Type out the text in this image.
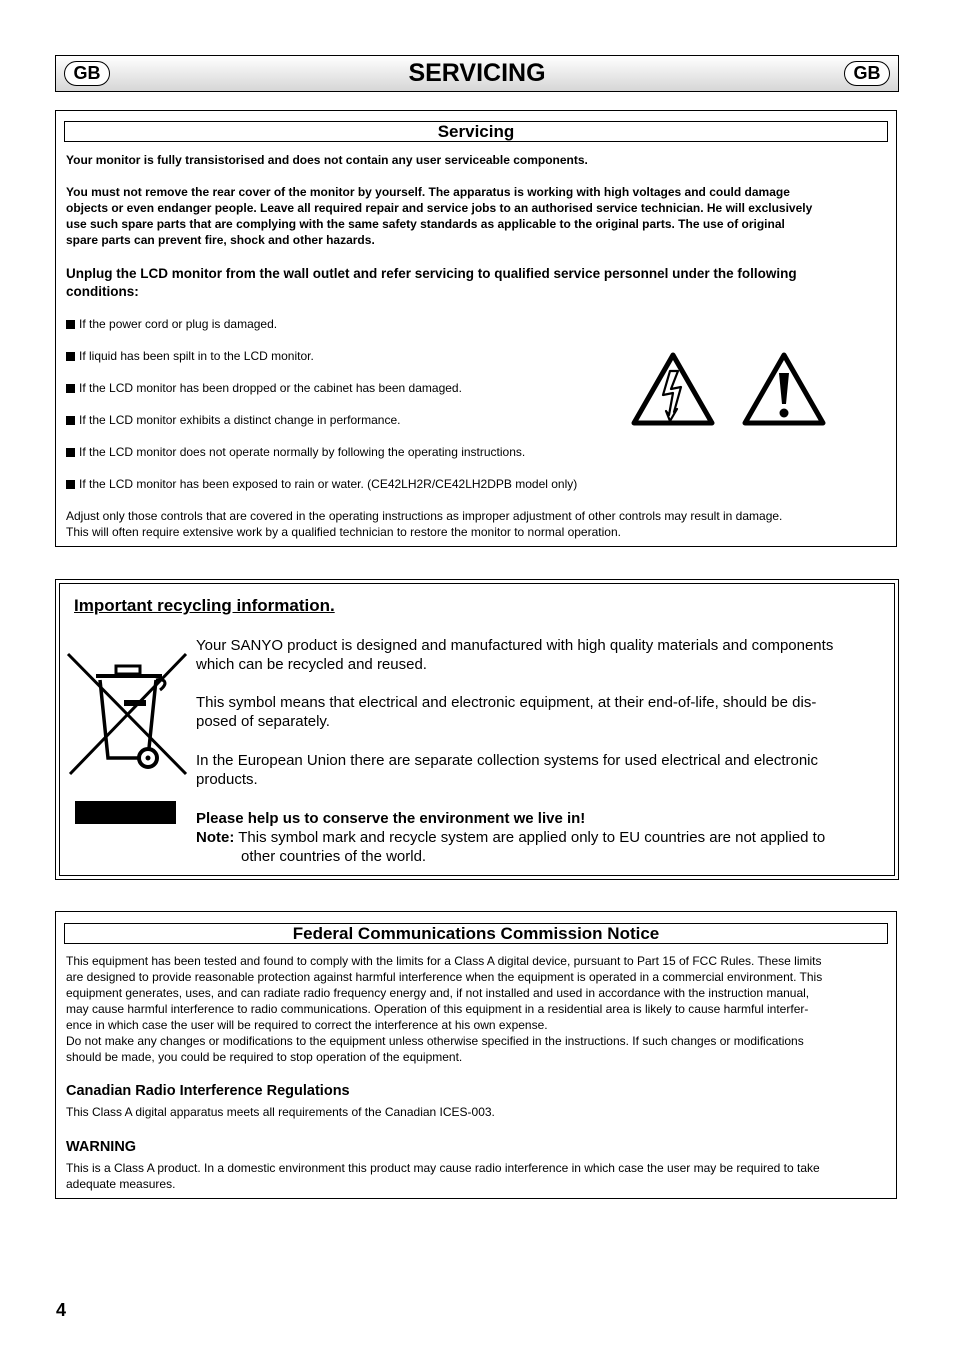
GB	SERVICING	GB
Servicing
Your monitor is fully transistorised and does not contain any user serviceable components.
You must not remove the rear cover of the monitor by yourself. The apparatus is working with high voltages and could damage
objects or even endanger people. Leave all required repair and service jobs to an authorised service technician. He will exclusively
use such spare parts that are complying with the same safety standards as applicable to the original parts. The use of original
spare parts can prevent fire, shock and other hazards.
Unplug the LCD monitor from the wall outlet and refer servicing to qualified service personnel under the following
conditions:
If the power cord or plug is damaged.
If liquid has been spilt in to the LCD monitor.
If the LCD monitor has been dropped or the cabinet has been damaged.
If the LCD monitor exhibits a distinct change in performance.
If the LCD monitor does not operate normally by following the operating instructions.
If the LCD monitor has been exposed to rain or water. (CE42LH2R/CE42LH2DPB model only)
Adjust only those controls that are covered in the operating instructions as improper adjustment of other controls may result in damage.
This will often require extensive work by a qualified technician to restore the monitor to normal operation.
Important recycling information.
Your SANYO product is designed and manufactured with high quality materials and components
which can be recycled and reused.
This symbol means that electrical and electronic equipment, at their end-of-life, should be dis-
posed of separately.
In the European Union there are separate collection systems for used electrical and electronic
products.
Please help us to conserve the environment we live in!
Note: This symbol mark and recycle system are applied only to EU countries are not applied to
other countries of the world.
Federal Communications Commission Notice
This equipment has been tested and found to comply with the limits for a Class A digital device, pursuant to Part 15 of FCC Rules. These limits
are designed to provide reasonable protection against harmful interference when the equipment is operated in a commercial environment. This
equipment generates, uses, and can radiate radio frequency energy and, if not installed and used in accordance with the instruction manual,
may cause harmful interference to radio communications. Operation of this equipment in a residential area is likely to cause harmful interfer-
ence in which case the user will be required to correct the interference at his own expense.
Do not make any changes or modifications to the equipment unless otherwise specified in the instructions. If such changes or modifications
should be made, you could be required to stop operation of the equipment.
Canadian Radio Interference Regulations
This Class A digital apparatus meets all requirements of the Canadian ICES-003.
WARNING
This is a Class A product. In a domestic environment this product may cause radio interference in which case the user may be required to take
adequate measures.
4
